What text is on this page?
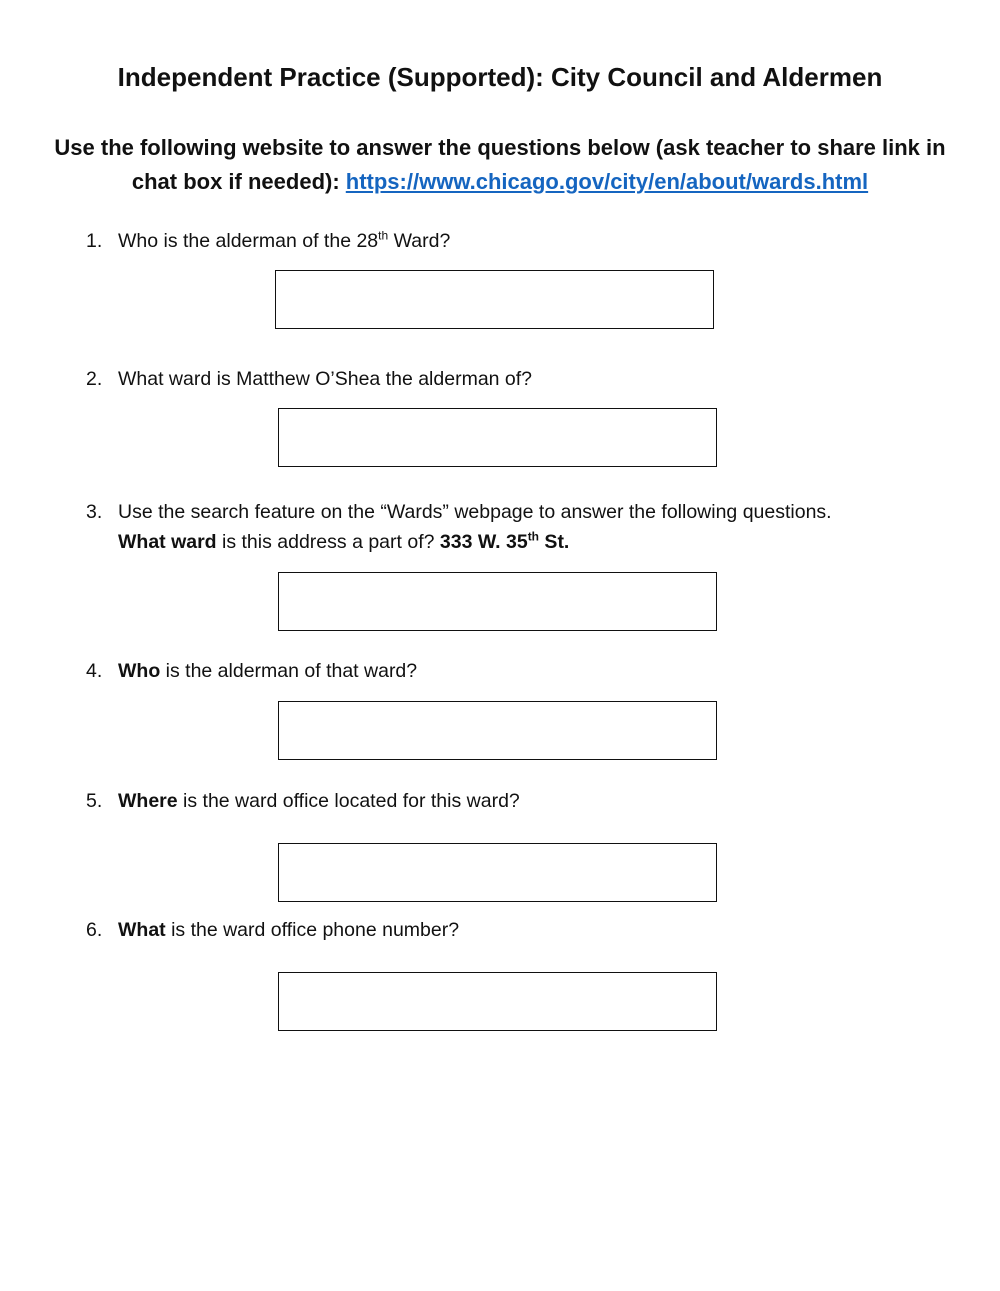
Independent Practice (Supported): City Council and Aldermen
Use the following website to answer the questions below (ask teacher to share link in chat box if needed): https://www.chicago.gov/city/en/about/wards.html
1. Who is the alderman of the 28th Ward?
2. What ward is Matthew O’Shea the alderman of?
3. Use the search feature on the “Wards” webpage to answer the following questions.
What ward is this address a part of? 333 W. 35th St.
4. Who is the alderman of that ward?
5. Where is the ward office located for this ward?
6. What is the ward office phone number?
